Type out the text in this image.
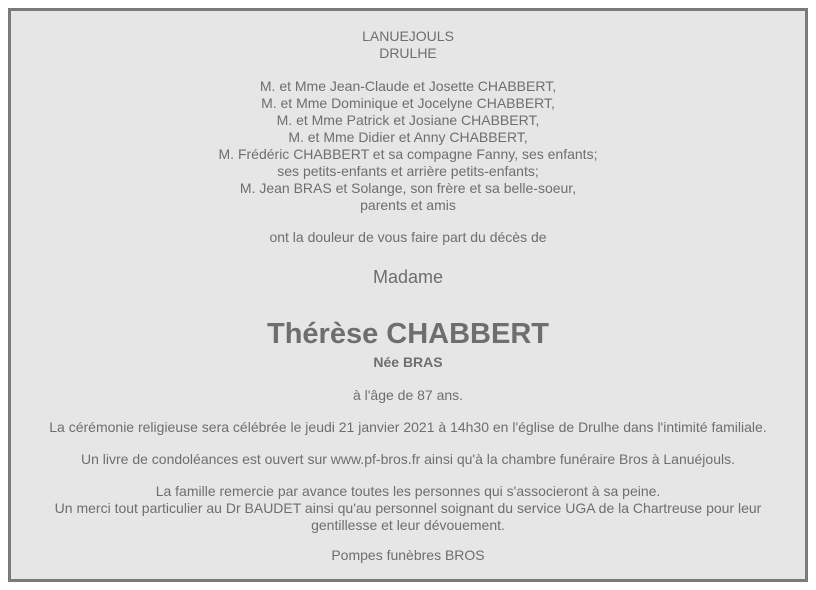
LANUEJOULS
DRULHE
M. et Mme Jean-Claude et Josette CHABBERT,
M. et Mme Dominique et Jocelyne CHABBERT,
M. et Mme Patrick et Josiane CHABBERT,
M. et Mme Didier et Anny CHABBERT,
M. Frédéric CHABBERT et sa compagne Fanny, ses enfants;
ses petits-enfants et arrière petits-enfants;
M. Jean BRAS et Solange, son frère et sa belle-soeur,
parents et amis
ont la douleur de vous faire part du décès de
Madame
Thérèse CHABBERT
Née BRAS
à l'âge de 87 ans.
La cérémonie religieuse sera célébrée le jeudi 21 janvier 2021 à 14h30 en l'église de Drulhe dans l'intimité familiale.
Un livre de condoléances est ouvert sur www.pf-bros.fr ainsi qu'à la chambre funéraire Bros à Lanuéjouls.
La famille remercie par avance toutes les personnes qui s'associeront à sa peine.
Un merci tout particulier au Dr BAUDET ainsi qu'au personnel soignant du service UGA de la Chartreuse pour leur
gentillesse et leur dévouement.
Pompes funèbres BROS
